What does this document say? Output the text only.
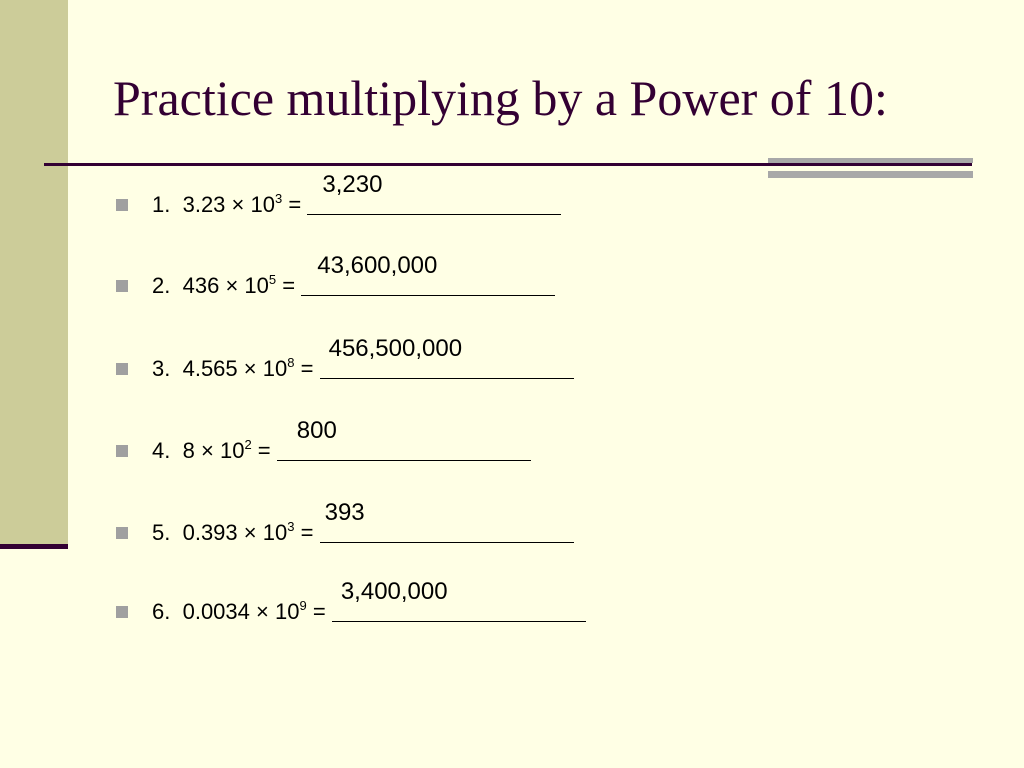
Practice multiplying by a Power of 10:
1. $3.23 \times 10^3$ =
3,230
2. $436 \times 10^5$ =
43,600,000
3. $4.565 \times 10^8$ =
456,500,000
4. $8 \times 10^2$ =
800
5. $0.393 \times 10^3$ =
393
6. $0.0034 \times 10^9$ =
3,400,000
